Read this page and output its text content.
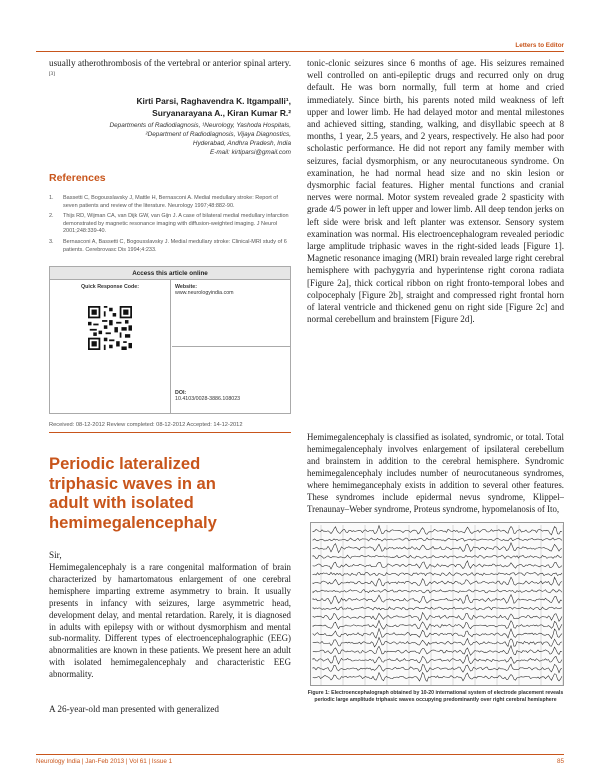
Letters to Editor
usually atherothrombosis of the vertebral or anterior spinal artery.[3]
Kirti Parsi, Raghavendra K. Itgampalli¹,
Suryanarayana A., Kiran Kumar R.²
Departments of Radiodiagnosis, ¹Neurology, Yashoda Hospitals,
²Department of Radiodiagnosis, Vijaya Diagnostics,
Hyderabad, Andhra Pradesh, India
E-mail: kirtiparsi@gmail.com
References
1.	Bassetti C, Bogousslavsky J, Mattle H, Bernasconi A. Medial medullary stroke: Report of seven patients and review of the literature. Neurology 1997;48:882-90.
2.	Thijs RD, Wijman CA, van Dijk GW, van Gijn J. A case of bilateral medial medullary infarction demonstrated by magnetic resonance imaging with diffusion-weighted imaging. J Neurol 2001;248:339-40.
3.	Bernasconi A, Bassetti C, Bogousslavsky J. Medial medullary stroke: Clinical-MRI study of 6 patients. Cerebrovasc Dis 1994;4:233.
Access this article online
Quick Response Code:	Website:
www.neurologyindia.com
DOI:
10.4103/0028-3886.108023
Received: 08-12-2012 Review completed: 08-12-2012 Accepted: 14-12-2012
Periodic lateralized
triphasic waves in an
adult with isolated
hemimegalencephaly
Sir,
Hemimegalencephaly is a rare congenital malformation of brain characterized by hamartomatous enlargement of one cerebral hemisphere imparting extreme asymmetry to brain. It usually presents in infancy with seizures, large asymmetric head, development delay, and mental retardation. Rarely, it is diagnosed in adults with epilepsy with or without dysmorphism and mental sub-normality. Different types of electroencephalographic (EEG) abnormalities are known in these patients. We present here an adult with isolated hemimegalencephaly and characteristic EEG abnormality.
A 26-year-old man presented with generalized
tonic-clonic seizures since 6 months of age. His seizures remained well controlled on anti-epileptic drugs and recurred only on drug default. He was born normally, full term at home and cried immediately. Since birth, his parents noted mild weakness of left upper and lower limb. He had delayed motor and mental milestones and achieved sitting, standing, walking, and disyllabic speech at 8 months, 1 year, 2.5 years, and 2 years, respectively. He also had poor scholastic performance. He did not report any family member with seizures, facial dysmorphism, or any neurocutaneous syndrome. On examination, he had normal head size and no skin lesion or dysmorphic facial features. Higher mental functions and cranial nerves were normal. Motor system revealed grade 2 spasticity with grade 4/5 power in left upper and lower limb. All deep tendon jerks on left side were brisk and left planter was extensor. Sensory system examination was normal. His electroencephalogram revealed periodic large amplitude triphasic waves in the right-sided leads [Figure 1]. Magnetic resonance imaging (MRI) brain revealed large right cerebral hemisphere with pachygyria and hyperintense right corona radiata [Figure 2a], thick cortical ribbon on right fronto-temporal lobes and colpocephaly [Figure 2b], straight and compressed right frontal horn of lateral ventricle and thickened genu on right side [Figure 2c] and normal cerebellum and brainstem [Figure 2d].
Hemimegalencephaly is classified as isolated, syndromic, or total. Total hemimegalencephaly involves enlargement of ipsilateral cerebellum and brainstem in addition to the cerebral hemisphere. Syndromic hemimegalencephaly includes number of neurocutaneous syndromes, where hemimegancephaly exists in addition to several other features. These syndromes include epidermal nevus syndrome, Klippel–Trenaunay–Weber syndrome, Proteus syndrome, hypomelanosis of Ito,
Figure 1: Electroencephalograph obtained by 10-20 international system of electrode placement reveals periodic large amplitude triphasic waves occupying predominantly over right cerebral hemisphere
Neurology India | Jan-Feb 2013 | Vol 61 | Issue 1	85
